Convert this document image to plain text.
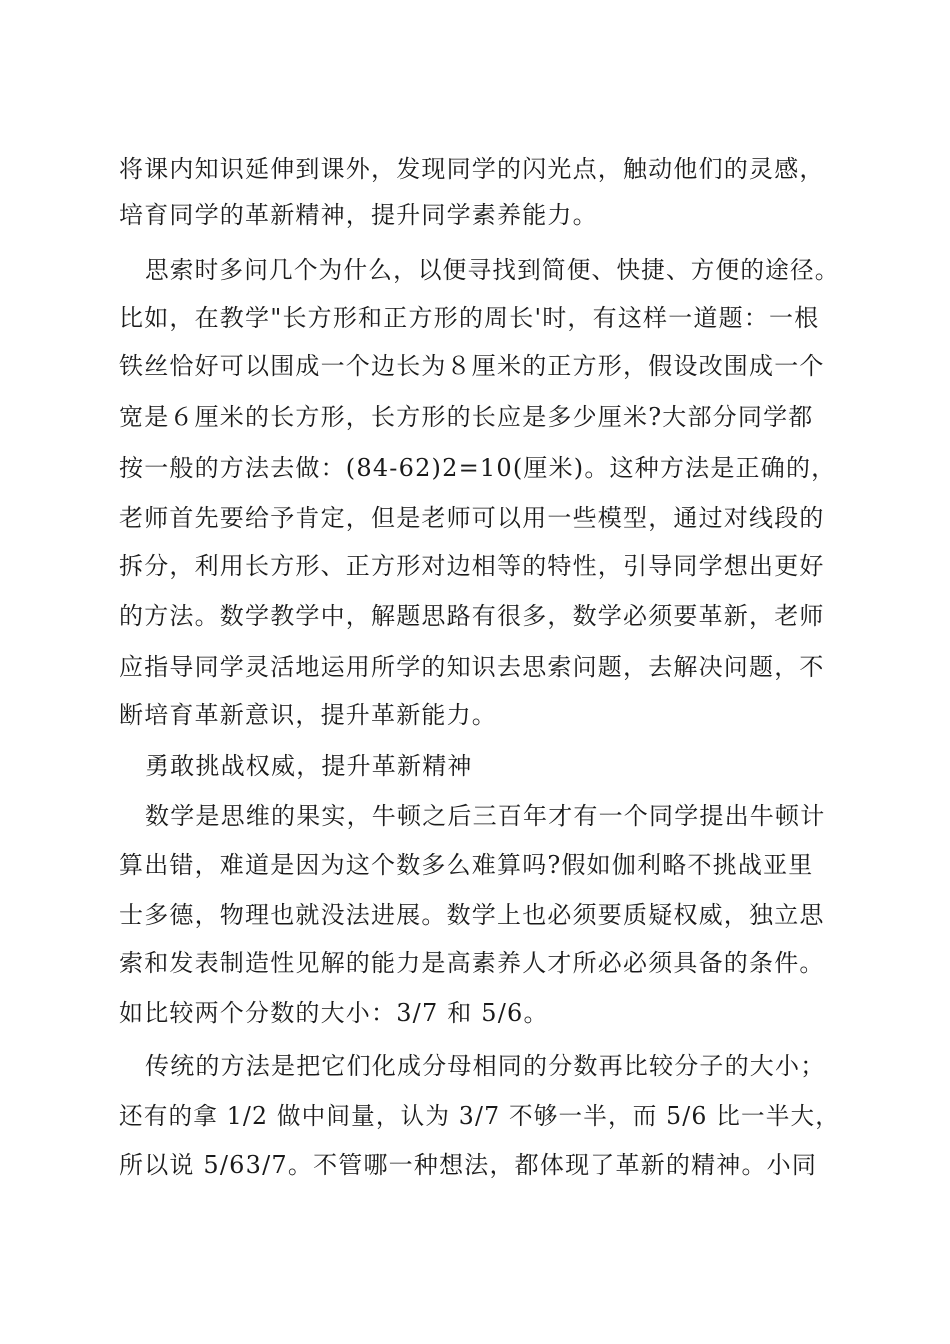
将课内知识延伸到课外，发现同学的闪光点，触动他们的灵感，

培育同学的革新精神，提升同学素养能力。

思索时多问几个为什么，以便寻找到简便、快捷、方便的途径。

比如，在教学"长方形和正方形的周长'时，有这样一道题：一根

铁丝恰好可以围成一个边长为８厘米的正方形，假设改围成一个

宽是６厘米的长方形，长方形的长应是多少厘米?大部分同学都

按一般的方法去做：(84-62)2=10(厘米)。这种方法是正确的，

老师首先要给予肯定，但是老师可以用一些模型，通过对线段的

拆分，利用长方形、正方形对边相等的特性，引导同学想出更好

的方法。数学教学中，解题思路有很多，数学必须要革新，老师

应指导同学灵活地运用所学的知识去思索问题，去解决问题，不

断培育革新意识，提升革新能力。

勇敢挑战权威，提升革新精神

数学是思维的果实，牛顿之后三百年才有一个同学提出牛顿计

算出错，难道是因为这个数多么难算吗?假如伽利略不挑战亚里

士多德，物理也就没法进展。数学上也必须要质疑权威，独立思

索和发表制造性见解的能力是高素养人才所必必须具备的条件。

如比较两个分数的大小：3/7 和 5/6。

传统的方法是把它们化成分母相同的分数再比较分子的大小；

还有的拿 1/2 做中间量，认为 3/7 不够一半，而 5/6 比一半大，

所以说 5/63/7。不管哪一种想法，都体现了革新的精神。小同
